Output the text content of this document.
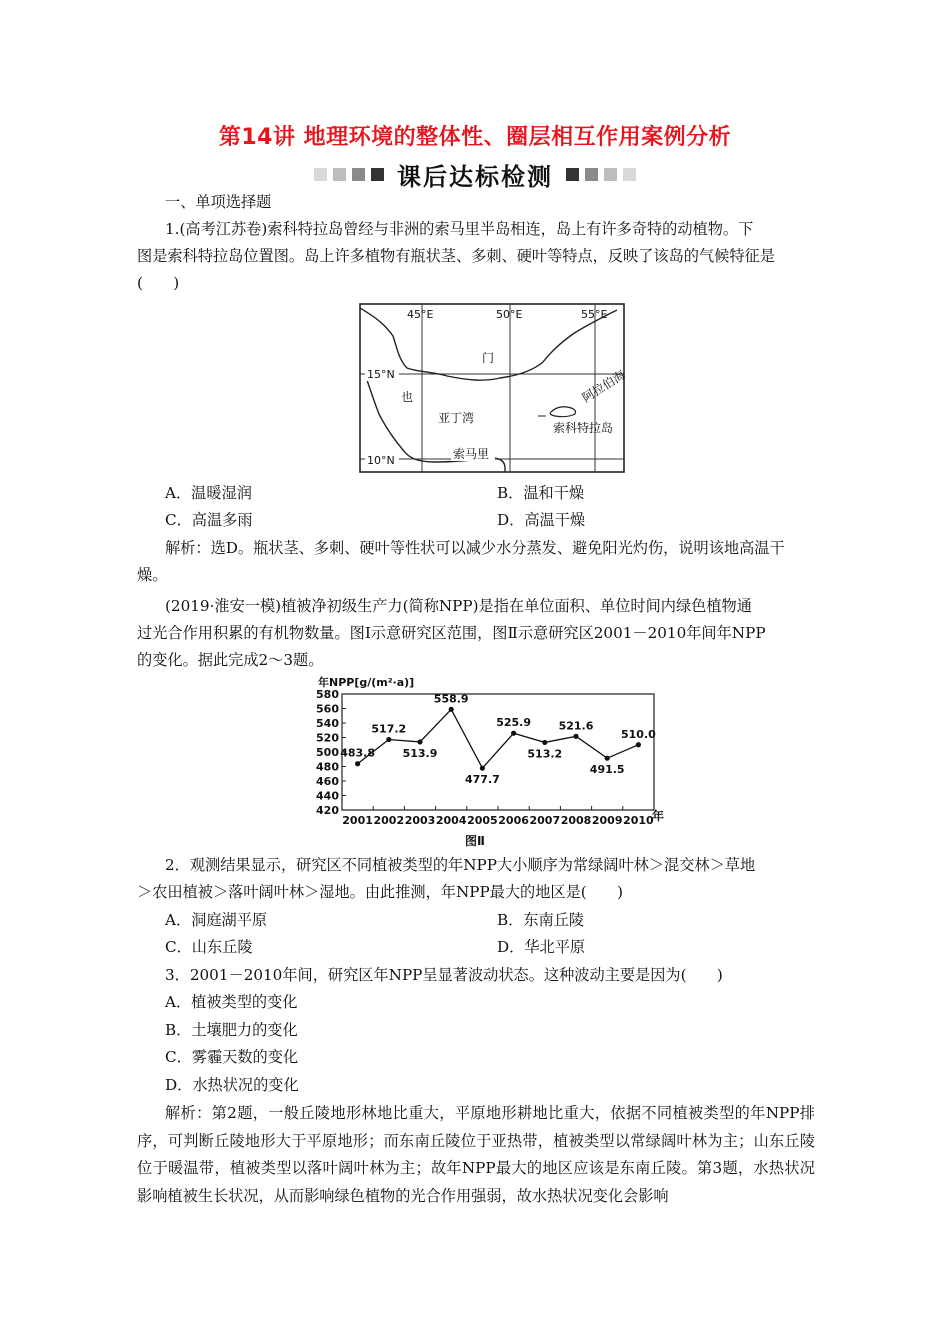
第14讲 地理环境的整体性、圈层相互作用案例分析
课后达标检测
一、单项选择题
1.(高考江苏卷)索科特拉岛曾经与非洲的索马里半岛相连，岛上有许多奇特的动植物。下
图是索科特拉岛位置图。岛上许多植物有瓶状茎、多刺、硬叶等特点，反映了该岛的气候特征是
(　　)
45°E	50°E	55°E
15°N
10°N
门
也	阿拉伯海
亚丁湾
索科特拉岛
索马里
A．温暖湿润	B．温和干燥
C．高温多雨	D．高温干燥
解析：选D。瓶状茎、多刺、硬叶等性状可以减少水分蒸发、避免阳光灼伤，说明该地高温干
燥。
(2019·淮安一模)植被净初级生产力(简称NPP)是指在单位面积、单位时间内绿色植物通
过光合作用积累的有机物数量。图Ⅰ示意研究区范围，图Ⅱ示意研究区2001－2010年间年NPP
的变化。据此完成2～3题。
年NPP[g/(m²·a)]
年
图Ⅱ
580
560
540
520
500
480
460
440
420
2001 2002 2003 2004 2005 2006 2007 2008 2009 2010
483.8
517.2
513.9
558.9
477.7
525.9
513.2
521.6
491.5
510.0
2．观测结果显示，研究区不同植被类型的年NPP大小顺序为常绿阔叶林＞混交林＞草地
＞农田植被＞落叶阔叶林＞湿地。由此推测，年NPP最大的地区是(　　)
A．洞庭湖平原	B．东南丘陵
C．山东丘陵	D．华北平原
3．2001－2010年间，研究区年NPP呈显著波动状态。这种波动主要是因为(　　)
A．植被类型的变化
B．土壤肥力的变化
C．雾霾天数的变化
D．水热状况的变化
解析：第2题，一般丘陵地形林地比重大，平原地形耕地比重大，依据不同植被类型的年NPP排序，可判断丘陵地形大于平原地形；而东南丘陵位于亚热带，植被类型以常绿阔叶林为主；山东丘陵位于暖温带，植被类型以落叶阔叶林为主；故年NPP最大的地区应该是东南丘陵。第3题，水热状况影响植被生长状况，从而影响绿色植物的光合作用强弱，故水热状况变化会影响
